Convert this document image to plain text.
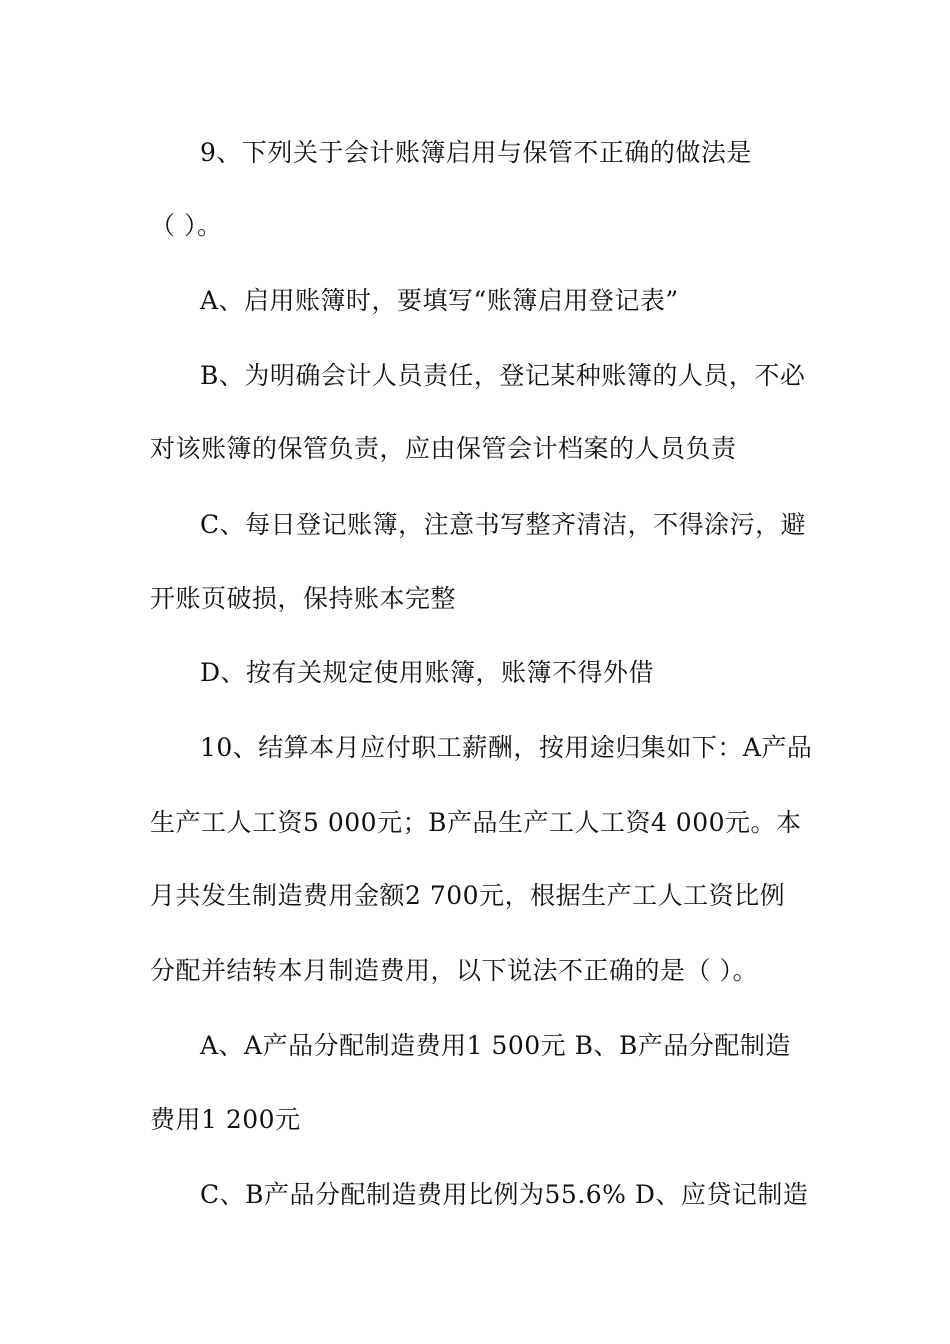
9、下列关于会计账簿启用与保管不正确的做法是
（ ）。
A、启用账簿时，要填写“账簿启用登记表”
B、为明确会计人员责任，登记某种账簿的人员，不必
对该账簿的保管负责，应由保管会计档案的人员负责
C、每日登记账簿，注意书写整齐清洁，不得涂污，避
开账页破损，保持账本完整
D、按有关规定使用账簿，账簿不得外借
10、结算本月应付职工薪酬，按用途归集如下：A产品
生产工人工资5 000元；B产品生产工人工资4 000元。本
月共发生制造费用金额2 700元，根据生产工人工资比例
分配并结转本月制造费用，以下说法不正确的是（ ）。
A、A产品分配制造费用1 500元 B、B产品分配制造
费用1 200元
C、B产品分配制造费用比例为55.6% D、应贷记制造
